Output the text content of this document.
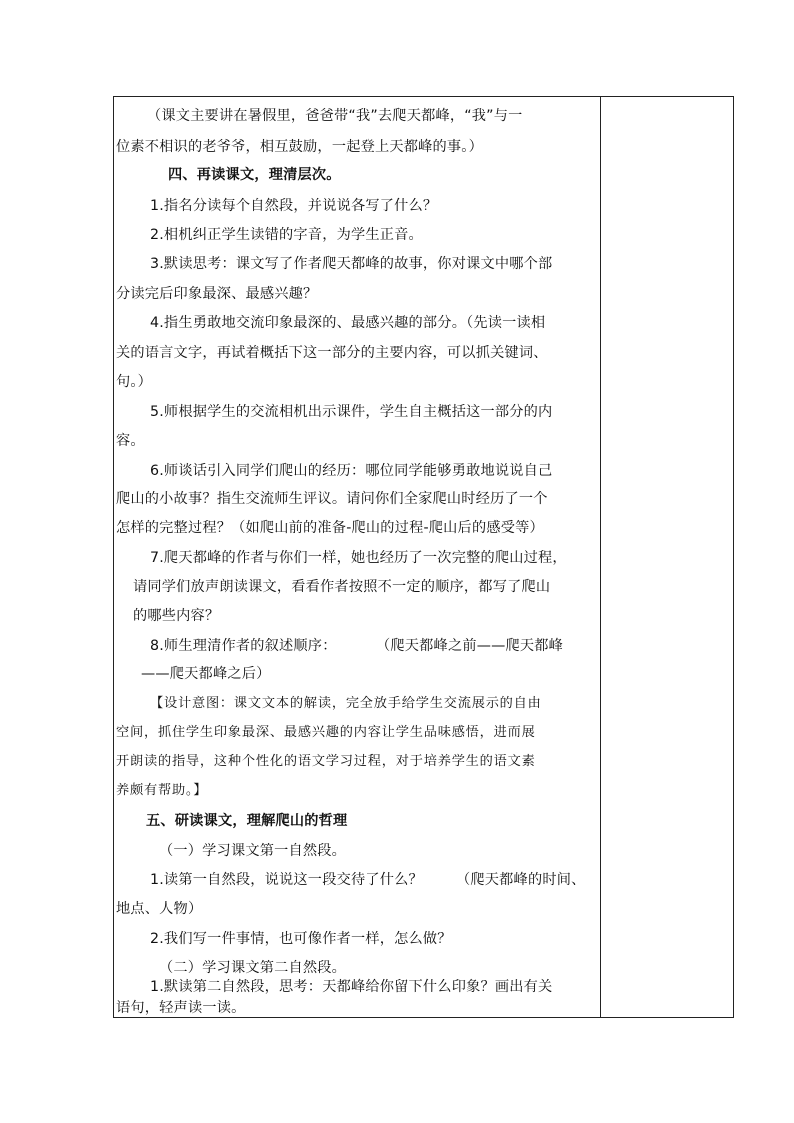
（课文主要讲在暑假里，爸爸带“我”去爬天都峰，“我”与一
位素不相识的老爷爷，相互鼓励，一起登上天都峰的事。）
四、再读课文，理清层次。
1.指名分读每个自然段，并说说各写了什么？
2.相机纠正学生读错的字音，为学生正音。
3.默读思考：课文写了作者爬天都峰的故事，你对课文中哪个部
分读完后印象最深、最感兴趣？
4.指生勇敢地交流印象最深的、最感兴趣的部分。（先读一读相
关的语言文字，再试着概括下这一部分的主要内容，可以抓关键词、
句。）
5.师根据学生的交流相机出示课件，学生自主概括这一部分的内
容。
6.师谈话引入同学们爬山的经历：哪位同学能够勇敢地说说自己
爬山的小故事？指生交流师生评议。请问你们全家爬山时经历了一个
怎样的完整过程？（如爬山前的准备-爬山的过程-爬山后的感受等）
7.爬天都峰的作者与你们一样，她也经历了一次完整的爬山过程，
请同学们放声朗读课文，看看作者按照不一定的顺序，都写了爬山
的哪些内容？
8.师生理清作者的叙述顺序：	（爬天都峰之前——爬天都峰
——爬天都峰之后）
【设计意图：课文文本的解读，完全放手给学生交流展示的自由
空间，抓住学生印象最深、最感兴趣的内容让学生品味感悟，进而展
开朗读的指导，这种个性化的语文学习过程，对于培养学生的语文素
养颇有帮助。】
五、研读课文，理解爬山的哲理
（一）学习课文第一自然段。
1.读第一自然段，说说这一段交待了什么？	（爬天都峰的时间、
地点、人物）
2.我们写一件事情，也可像作者一样，怎么做？
（二）学习课文第二自然段。
1.默读第二自然段，思考：天都峰给你留下什么印象？画出有关
语句，轻声读一读。
